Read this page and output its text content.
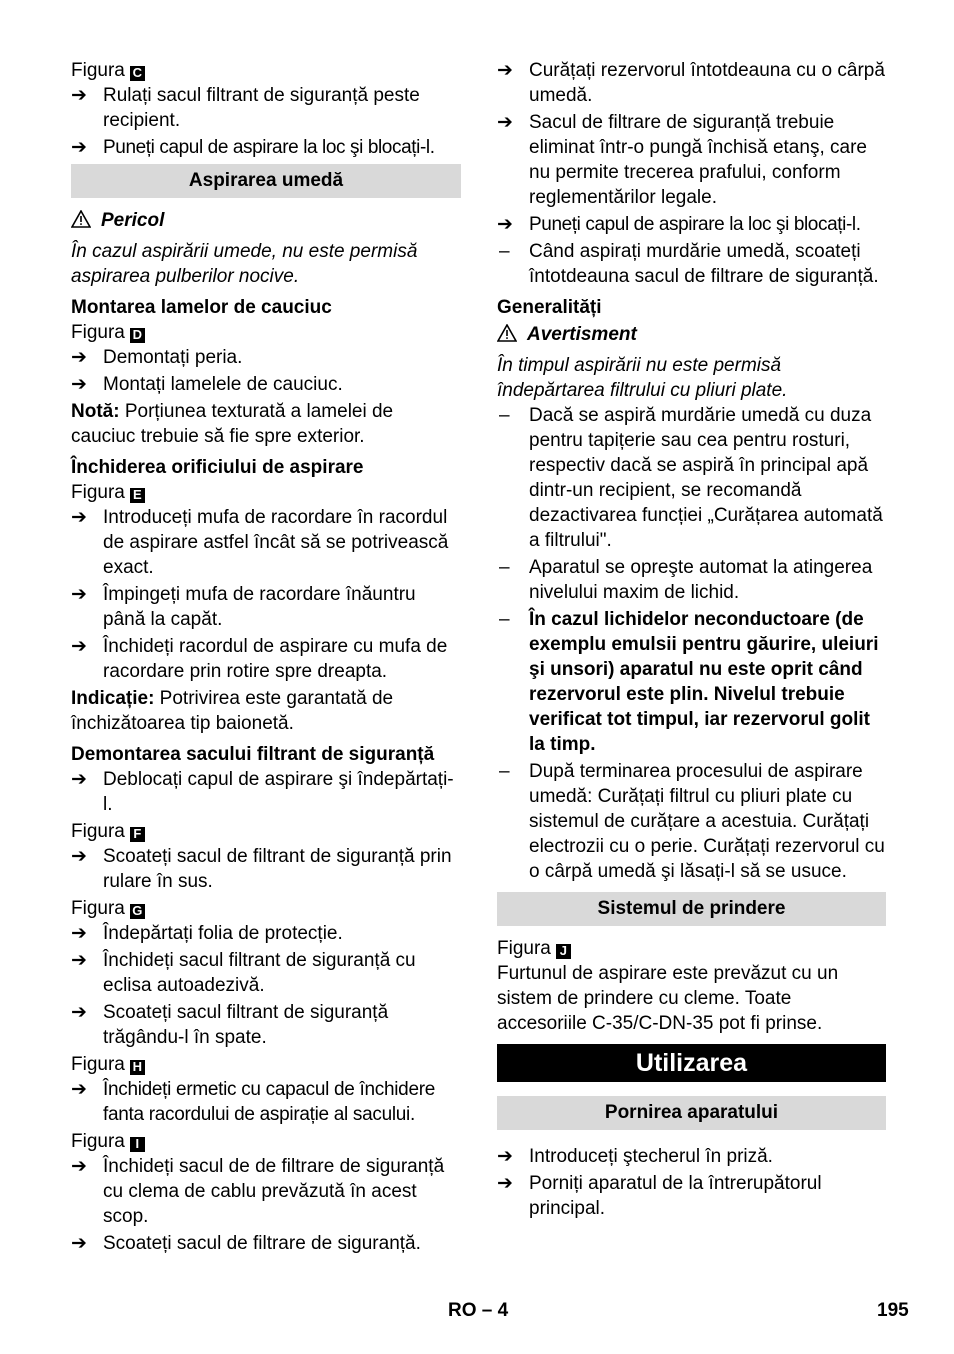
Figura C

➔ Rulați sacul filtrant de siguranță peste recipient.
➔ Puneți capul de aspirare la loc şi blocați-l.
Aspirarea umedă
Pericol

În cazul aspirării umede, nu este permisă aspirarea pulberilor nocive.

Montarea lamelor de cauciuc

Figura D

➔ Demontați peria.
➔ Montați lamelele de cauciuc.

Notă: Porțiunea texturată a lamelei de cauciuc trebuie să fie spre exterior.

Închiderea orificiului de aspirare

Figura E

➔ Introduceți mufa de racordare în racordul de aspirare astfel încât să se potrivească exact.
➔ Împingeți mufa de racordare înăuntru până la capăt.
➔ Închideți racordul de aspirare cu mufa de racordare prin rotire spre dreapta.

Indicație: Potrivirea este garantată de închizătoarea tip baionetă.

Demontarea sacului filtrant de siguranță

➔ Deblocați capul de aspirare şi îndepărtați-l.

Figura F

➔ Scoateți sacul de filtrant de siguranță prin rulare în sus.

Figura G

➔ Îndepărtați folia de protecție.
➔ Închideți sacul filtrant de siguranță cu eclisa autoadezivă.
➔ Scoateți sacul filtrant de siguranță trăgându-l în spate.

Figura H

➔ Închideți ermetic cu capacul de închidere fanta racordului de aspirație al sacului.

Figura I

➔ Închideți sacul de de filtrare de siguranță cu clema de cablu prevăzută în acest scop.
➔ Scoateți sacul de filtrare de siguranță.
➔ Curățați rezervorul întotdeauna cu o cârpă umedă.
➔ Sacul de filtrare de siguranță trebuie eliminat într-o pungă închisă etanş, care nu permite trecerea prafului, conform reglementărilor legale.
➔ Puneți capul de aspirare la loc şi blocați-l.
– Când aspirați murdărie umedă, scoateți întotdeauna sacul de filtrare de siguranță.

Generalități

Avertisment

În timpul aspirării nu este permisă îndepărtarea filtrului cu pliuri plate.

– Dacă se aspiră murdărie umedă cu duza pentru tapițerie sau cea pentru rosturi, respectiv dacă se aspiră în principal apă dintr-un recipient, se recomandă dezactivarea funcției „Curățarea automată a filtrului".
– Aparatul se opreşte automat la atingerea nivelului maxim de lichid.
– În cazul lichidelor neconductoare (de exemplu emulsii pentru găurire, uleiuri şi unsori) aparatul nu este oprit când rezervorul este plin. Nivelul trebuie verificat tot timpul, iar rezervorul golit la timp.
– După terminarea procesului de aspirare umedă: Curățați filtrul cu pliuri plate cu sistemul de curățare a acestuia. Curățați electrozii cu o perie. Curățați rezervorul cu o cârpă umedă şi lăsați-l să se usuce.
Sistemul de prindere

Figura J

Furtunul de aspirare este prevăzut cu un sistem de prindere cu cleme. Toate accesoriile C-35/C-DN-35 pot fi prinse.

Utilizarea
Pornirea aparatului
➔ Introduceți ştecherul în priză.
➔ Porniți aparatul de la întrerupătorul principal.
RO – 4	195
